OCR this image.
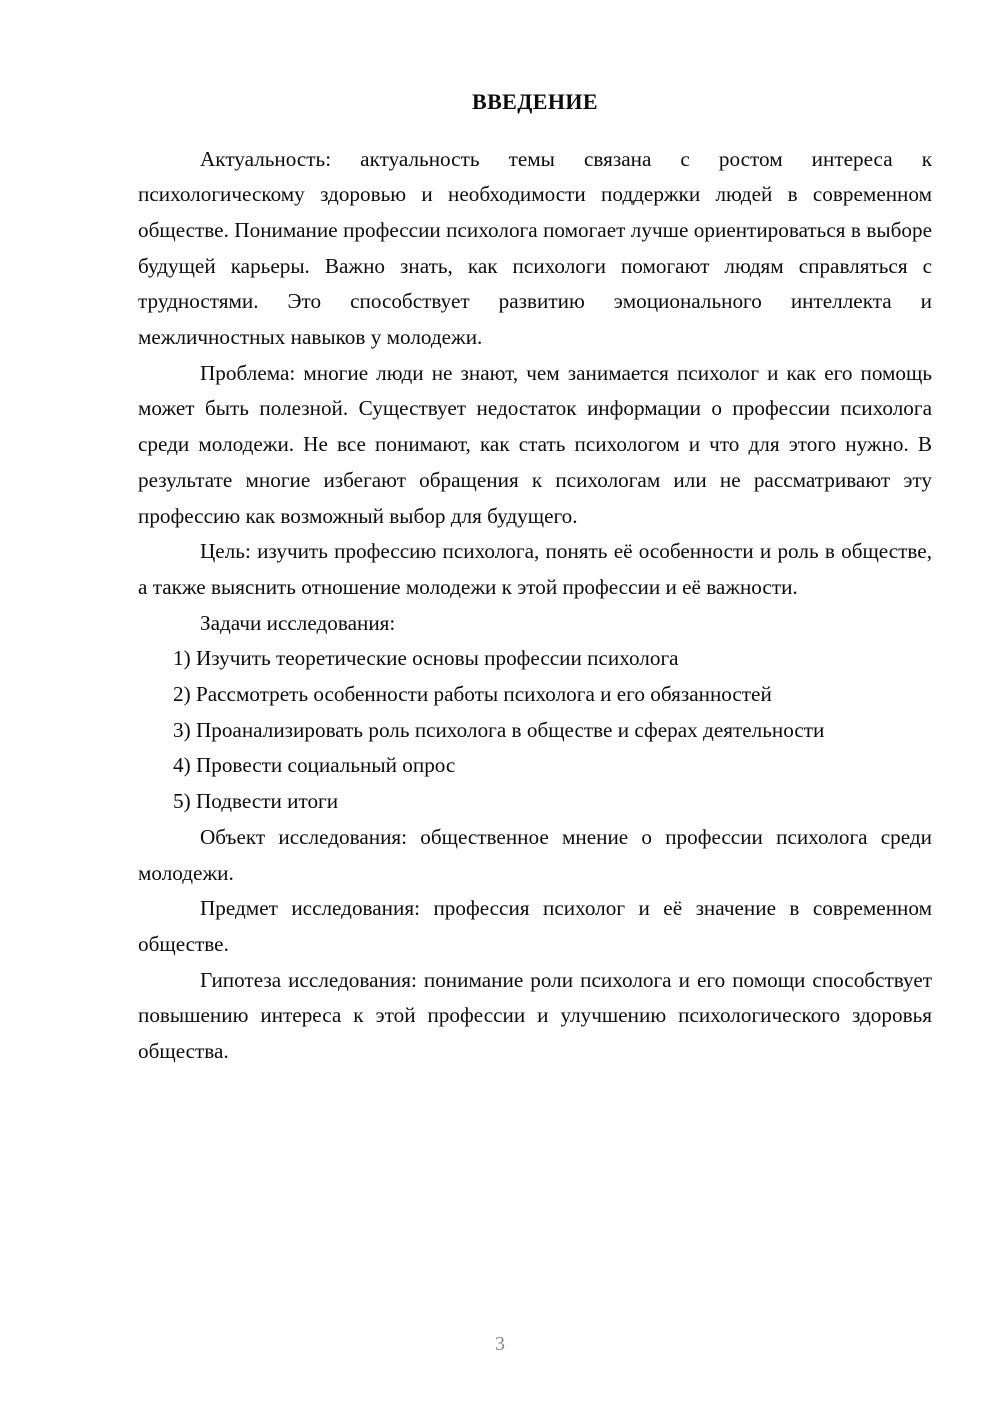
ВВЕДЕНИЕ

Актуальность: актуальность темы связана с ростом интереса к психологическому здоровью и необходимости поддержки людей в современном обществе. Понимание профессии психолога помогает лучше ориентироваться в выборе будущей карьеры. Важно знать, как психологи помогают людям справляться с трудностями. Это способствует развитию эмоционального интеллекта и межличностных навыков у молодежи.

Проблема: многие люди не знают, чем занимается психолог и как его помощь может быть полезной. Существует недостаток информации о профессии психолога среди молодежи. Не все понимают, как стать психологом и что для этого нужно. В результате многие избегают обращения к психологам или не рассматривают эту профессию как возможный выбор для будущего.

Цель: изучить профессию психолога, понять её особенности и роль в обществе, а также выяснить отношение молодежи к этой профессии и её важности.

Задачи исследования:

1) Изучить теоретические основы профессии психолога

2) Рассмотреть особенности работы психолога и его обязанностей

3) Проанализировать роль психолога в обществе и сферах деятельности

4) Провести социальный опрос

5) Подвести итоги

Объект исследования: общественное мнение о профессии психолога среди молодежи.

Предмет исследования: профессия психолог и её значение в современном обществе.

Гипотеза исследования: понимание роли психолога и его помощи способствует повышению интереса к этой профессии и улучшению психологического здоровья общества.

3
